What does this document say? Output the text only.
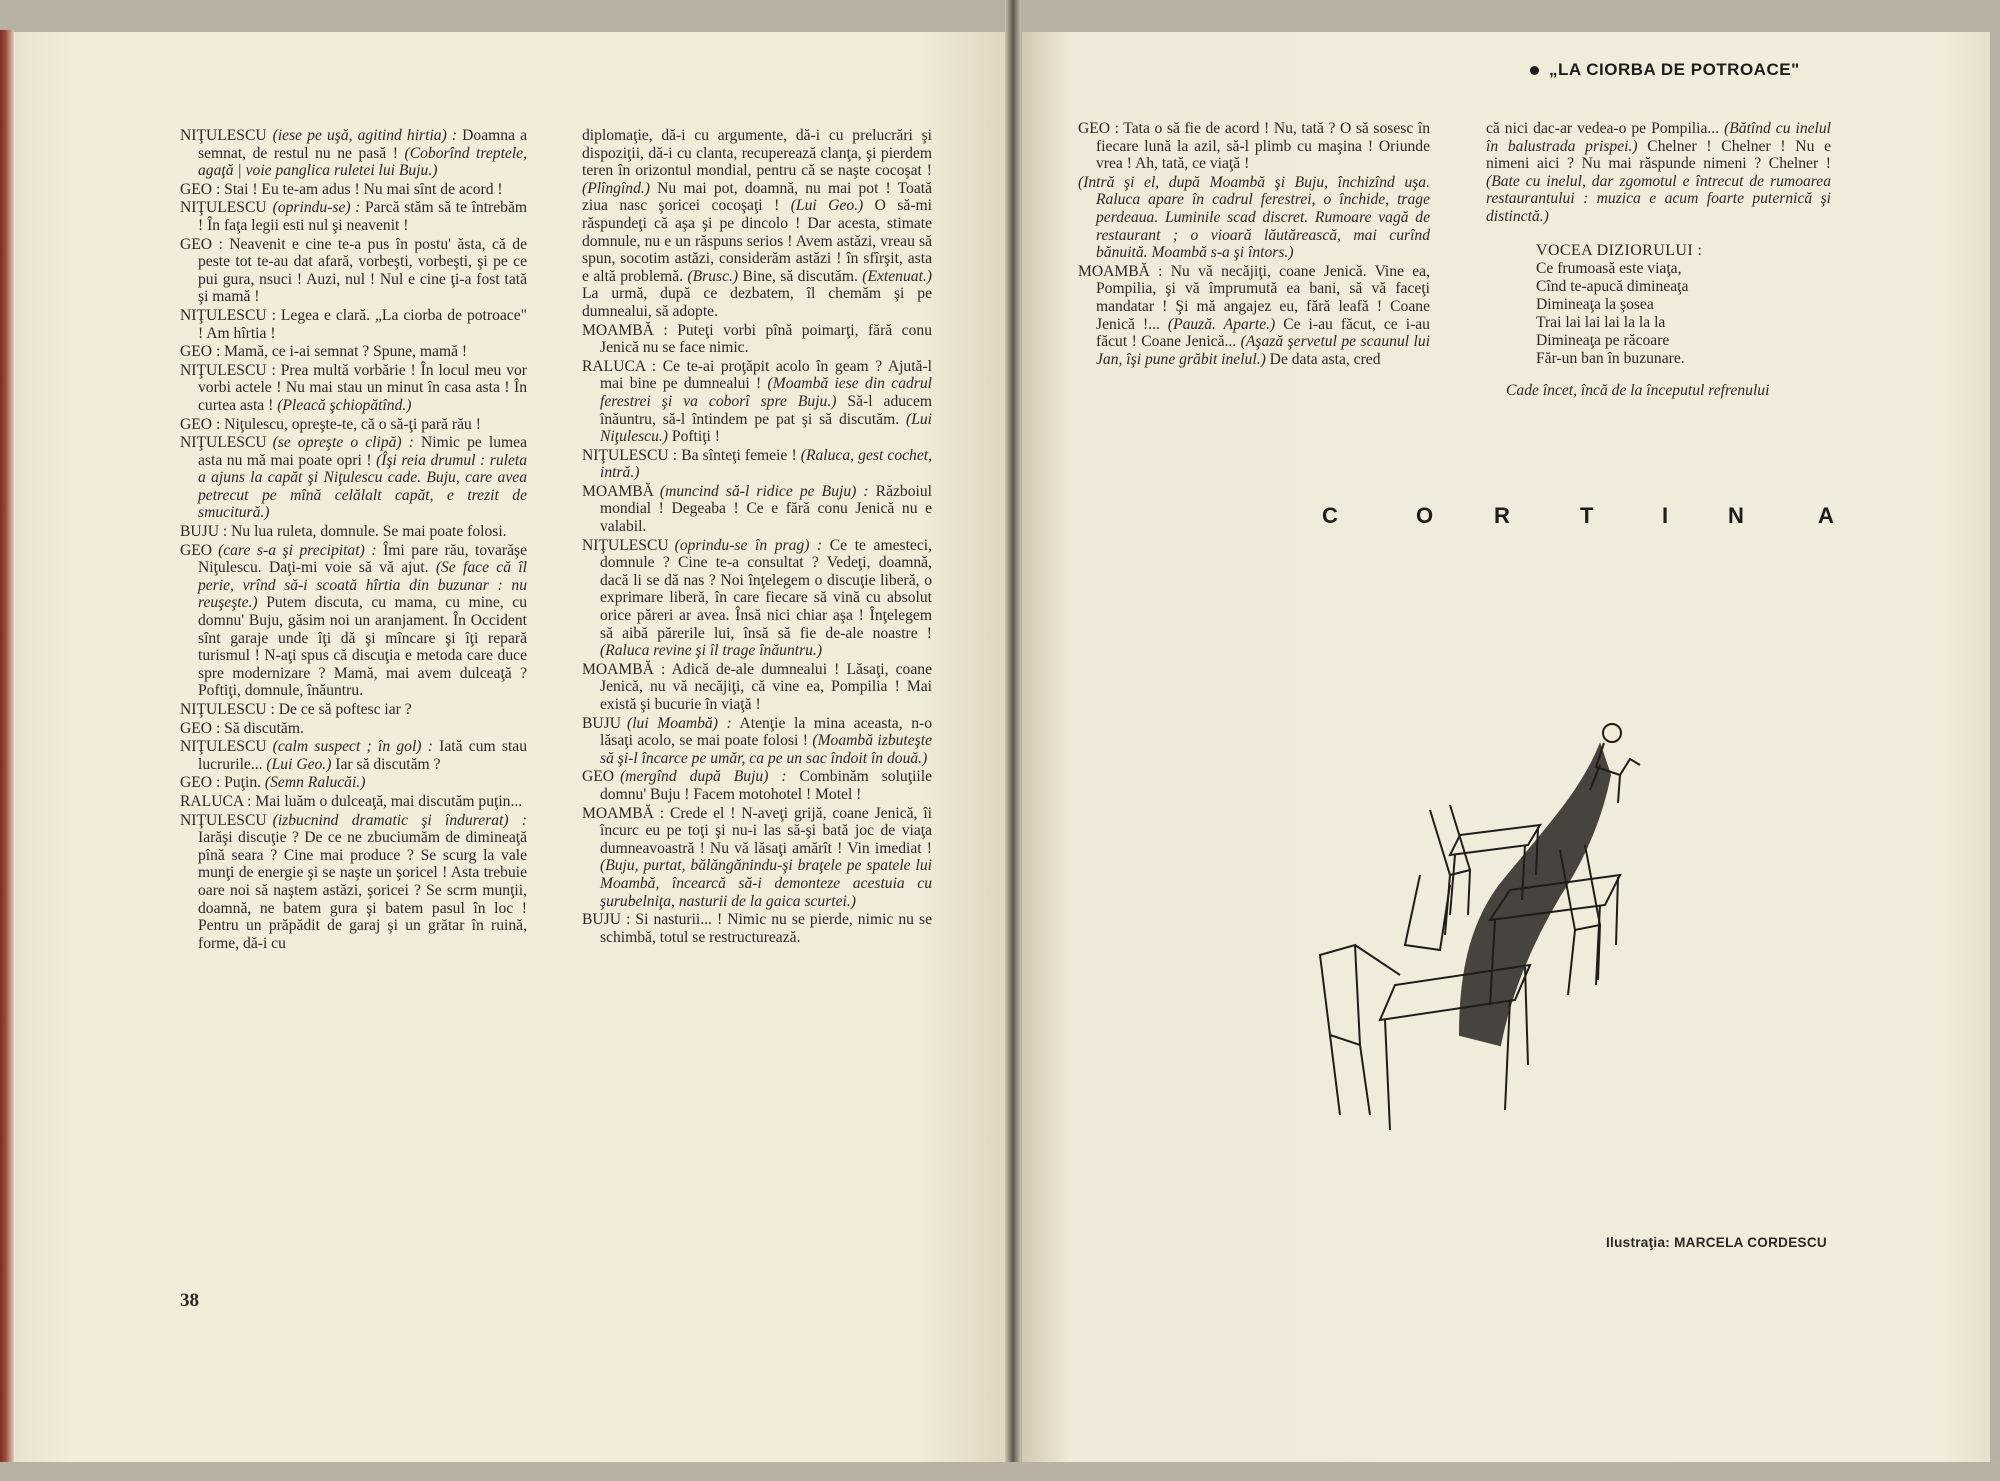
NIŢULESCU (iese pe uşă, agitind hirtia) : Doamna a semnat, de restul nu ne pasă ! (Coborînd treptele, agaţă | voie panglica ruletei lui Buju.)

GEO : Stai ! Eu te-am adus ! Nu mai sînt de acord !

NIŢULESCU (oprindu-se) : Parcă stăm să te întrebăm ! În faţa legii esti nul şi neavenit !

GEO : Neavenit e cine te-a pus în postu' ăsta, că de peste tot te-au dat afară, vorbeşti, vorbeşti, şi pe ce pui gura, nsuci ! Auzi, nul ! Nul e cine ţi-a fost tată şi mamă !

NIŢULESCU : Legea e clară. „La ciorba de potroace" ! Am hîrtia !

GEO : Mamă, ce i-ai semnat ? Spune, mamă !

NIŢULESCU : Prea multă vorbărie ! În locul meu vor vorbi actele ! Nu mai stau un minut în casa asta ! În curtea asta ! (Pleacă şchiopătînd.)

GEO : Niţulescu, opreşte-te, că o să-ţi pară rău !

NIŢULESCU (se opreşte o clipă) : Nimic pe lumea asta nu mă mai poate opri ! (Îşi reia drumul : ruleta a ajuns la capăt şi Niţulescu cade. Buju, care avea petrecut pe mînă celălalt capăt, e trezit de smucitură.)

BUJU : Nu lua ruleta, domnule. Se mai poate folosi.

GEO (care s-a şi precipitat) : Îmi pare rău, tovarăşe Niţulescu. Daţi-mi voie să vă ajut. (Se face că îl perie, vrînd să-i scoată hîrtia din buzunar : nu reuşeşte.) Putem discuta, cu mama, cu mine, cu domnu' Buju, găsim noi un aranjament. În Occident sînt garaje unde îţi dă şi mîncare şi îţi repară turismul ! N-aţi spus că discuţia e metoda care duce spre modernizare ? Mamă, mai avem dulceaţă ? Poftiţi, domnule, înăuntru.

NIŢULESCU : De ce să poftesc iar ?

GEO : Să discutăm.

NIŢULESCU (calm suspect ; în gol) : Iată cum stau lucrurile... (Lui Geo.) Iar să discutăm ?

GEO : Puţin. (Semn Ralucăi.)

RALUCA : Mai luăm o dulceaţă, mai discutăm puţin...

NIŢULESCU (izbucnind dramatic şi îndurerat) : Iarăşi discuţie ? De ce ne zbuciumăm de dimineaţă pînă seara ? Cine mai produce ? Se scurg la vale munţi de energie şi se naşte un şoricel ! Asta trebuie oare noi să naştem astăzi, şoricei ? Se scrm munţii, doamnă, ne batem gura şi batem pasul în loc ! Pentru un prăpădit de garaj şi un grătar în ruină, forme, dă-i cu

diplomaţie, dă-i cu argumente, dă-i cu prelucrări şi dispoziţii, dă-i cu clanta, recuperează clanţa, şi pierdem teren în orizontul mondial, pentru că se naşte cocoşat ! (Plîngînd.) Nu mai pot, doamnă, nu mai pot ! Toată ziua nasc şoricei cocoşaţi ! (Lui Geo.) O să-mi răspundeţi că aşa şi pe dincolo ! Dar acesta, stimate domnule, nu e un răspuns serios ! Avem astăzi, vreau să spun, socotim astăzi, considerăm astăzi ! în sfîrşit, asta e altă problemă. (Brusc.) Bine, să discutăm. (Extenuat.) La urmă, după ce dezbatem, îl chemăm şi pe dumnealui, să adopte.

MOAMBĂ : Puteţi vorbi pînă poimarţi, fără conu Jenică nu se face nimic.

RALUCA : Ce te-ai proţăpit acolo în geam ? Ajută-l mai bine pe dumnealui ! (Moambă iese din cadrul ferestrei şi va coborî spre Buju.) Să-l aducem înăuntru, să-l întindem pe pat şi să discutăm. (Lui Niţulescu.) Poftiţi !

NIŢULESCU : Ba sînteţi femeie ! (Raluca, gest cochet, intră.)

MOAMBĂ (muncind să-l ridice pe Buju) : Războiul mondial ! Degeaba ! Ce e fără conu Jenică nu e valabil.

NIŢULESCU (oprindu-se în prag) : Ce te amesteci, domnule ? Cine te-a consultat ? Vedeţi, doamnă, dacă li se dă nas ? Noi înţelegem o discuţie liberă, o exprimare liberă, în care fiecare să vină cu absolut orice păreri ar avea. Însă nici chiar aşa ! Înţelegem să aibă părerile lui, însă să fie de-ale noastre ! (Raluca revine şi îl trage înăuntru.)

MOAMBĂ : Adică de-ale dumnealui ! Lăsaţi, coane Jenică, nu vă necăjiţi, că vine ea, Pompilia ! Mai există şi bucurie în viaţă !

BUJU (lui Moambă) : Atenţie la mina aceasta, n-o lăsaţi acolo, se mai poate folosi ! (Moambă izbuteşte să şi-l încarce pe umăr, ca pe un sac îndoit în două.)

GEO (mergînd după Buju) : Combinăm soluţiile domnu' Buju ! Facem motohotel ! Motel !

MOAMBĂ : Crede el ! N-aveţi grijă, coane Jenică, îi încurc eu pe toţi şi nu-i las să-şi bată joc de viaţa dumneavoastră ! Nu vă lăsaţi amărît ! Vin imediat ! (Buju, purtat, bălăngănindu-şi braţele pe spatele lui Moambă, încearcă să-i demonteze acestuia cu şurubelniţa, nasturii de la gaica scurtei.)

BUJU : Si nasturii... ! Nimic nu se pierde, nimic nu se schimbă, totul se restructurează.

38
„LA CIORBA DE POTROACE"

GEO : Tata o să fie de acord ! Nu, tată ? O să sosesc în fiecare lună la azil, să-l plimb cu maşina ! Oriunde vrea ! Ah, tată, ce viaţă !

(Intră şi el, după Moambă şi Buju, închizînd uşa. Raluca apare în cadrul ferestrei, o închide, trage perdeaua. Luminile scad discret. Rumoare vagă de restaurant ; o vioară lăutărească, mai curînd bănuită. Moambă s-a şi întors.)

MOAMBĂ : Nu vă necăjiţi, coane Jenică. Vine ea, Pompilia, şi vă împrumută ea bani, să vă faceţi mandatar ! Şi mă angajez eu, fără leafă ! Coane Jenică !... (Pauză. Aparte.) Ce i-au făcut, ce i-au făcut ! Coane Jenică... (Aşază şervetul pe scaunul lui Jan, îşi pune grăbit inelul.) De data asta, cred

că nici dac-ar vedea-o pe Pompilia... (Bătînd cu inelul în balustrada prispei.) Chelner ! Chelner ! Nu e nimeni aici ? Nu mai răspunde nimeni ? Chelner ! (Bate cu inelul, dar zgomotul e întrecut de rumoarea restaurantului : muzica e acum foarte puternică şi distinctă.)

VOCEA DIZIORULUI :
Ce frumoasă este viaţa,
Cînd te-apucă dimineaţa
Dimineaţa la şosea
Trai lai lai lai la la la
Dimineaţa pe răcoare
Făr-un ban în buzunare.

Cade încet, încă de la începutul refrenului

C	O	R	T	I	N	A
Ilustraţia: MARCELA CORDESCU
